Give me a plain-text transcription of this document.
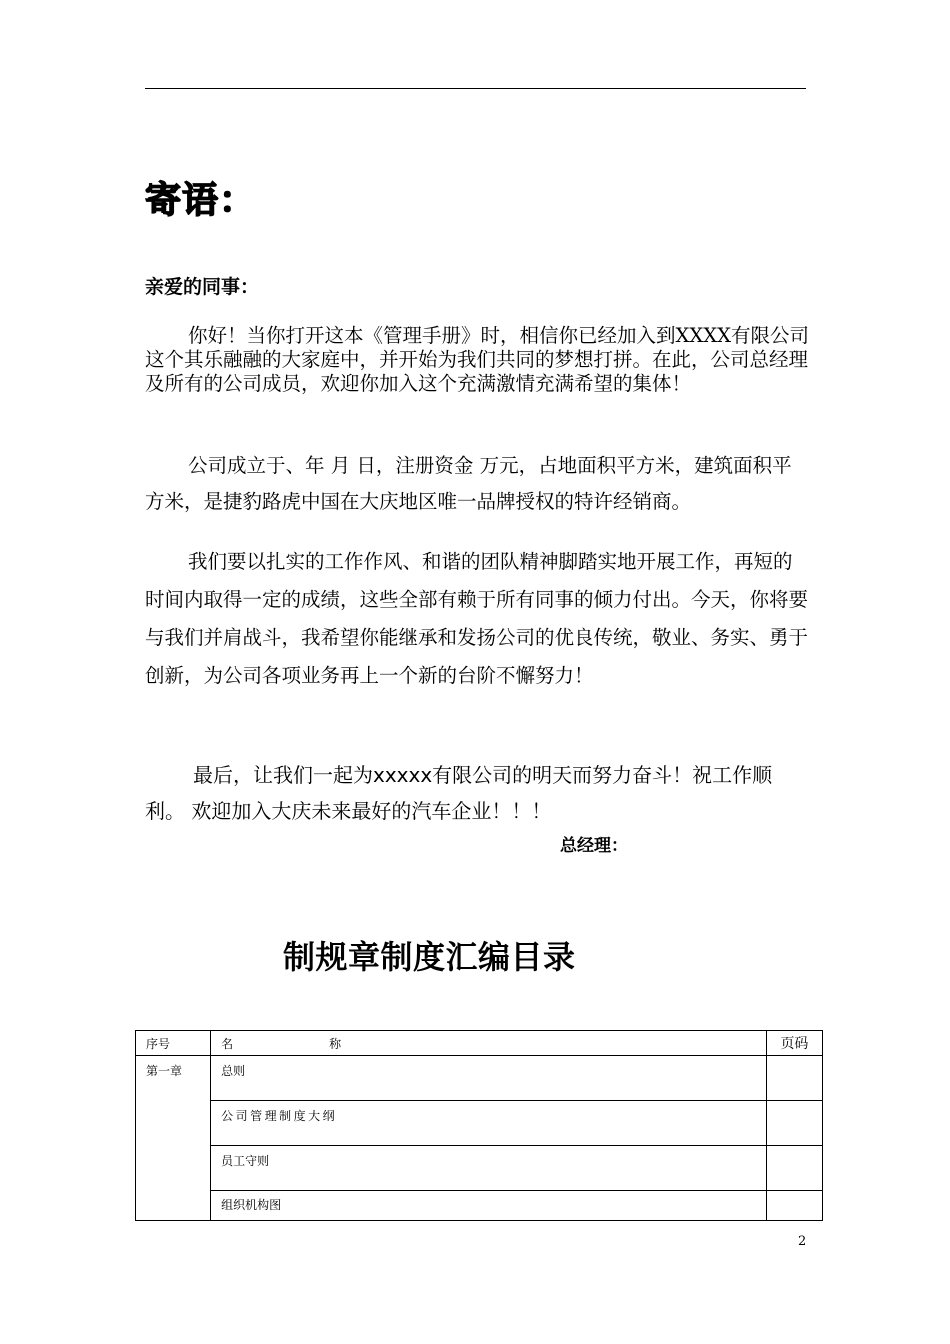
寄语：
亲爱的同事：

你好！当你打开这本《管理手册》时，相信你已经加入到XXXX有限公司这个其乐融融的大家庭中，并开始为我们共同的梦想打拼。在此，公司总经理及所有的公司成员，欢迎你加入这个充满激情充满希望的集体！

公司成立于、年 月 日，注册资金 万元，占地面积平方米，建筑面积平方米，是捷豹路虎中国在大庆地区唯一品牌授权的特许经销商。

我们要以扎实的工作作风、和谐的团队精神脚踏实地开展工作，再短的时间内取得一定的成绩，这些全部有赖于所有同事的倾力付出。今天，你将要与我们并肩战斗，我希望你能继承和发扬公司的优良传统，敬业、务实、勇于创新，为公司各项业务再上一个新的台阶不懈努力！

最后，让我们一起为xxxxx有限公司的明天而努力奋斗！祝工作顺利。 欢迎加入大庆未来最好的汽车企业！！！

总经理：
制规章制度汇编目录
序号	名 称	页码
第一章	总则	
	公司管理制度大纲	
	员工守则	
	组织机构图	
2
